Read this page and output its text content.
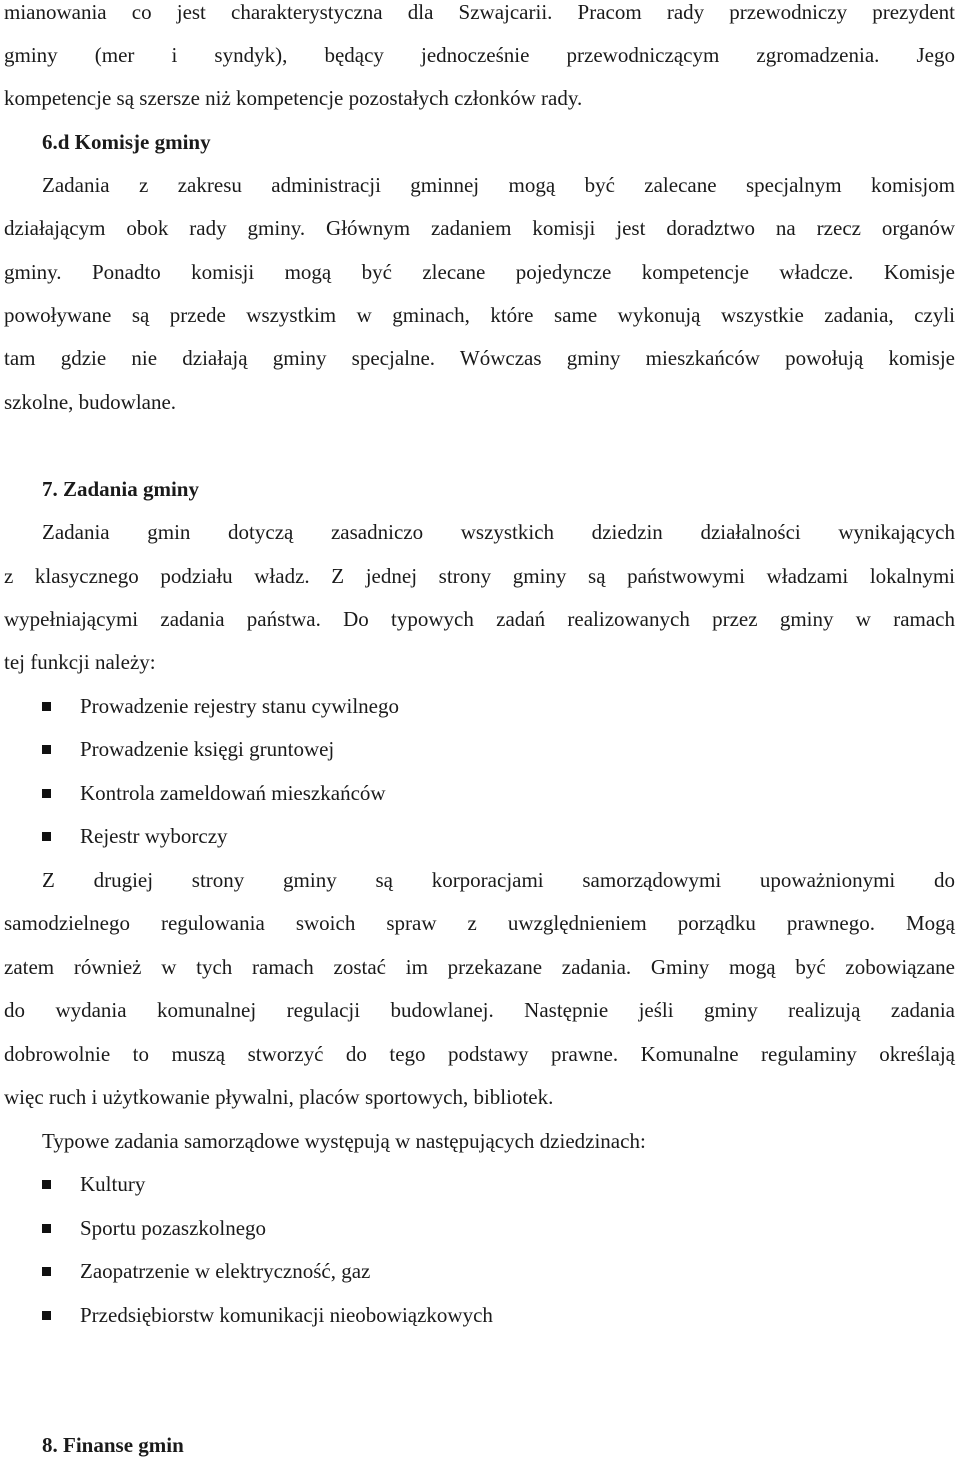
mianowania co jest charakterystyczna dla Szwajcarii. Pracom rady przewodniczy prezydent
gminy (mer i syndyk), będący jednocześnie przewodniczącym zgromadzenia. Jego
kompetencje są szersze niż kompetencje pozostałych członków rady.
6.d Komisje gminy
Zadania z zakresu administracji gminnej mogą być zalecane specjalnym komisjom
działającym obok rady gminy. Głównym zadaniem komisji jest doradztwo na rzecz organów
gminy. Ponadto komisji mogą być zlecane pojedyncze kompetencje władcze. Komisje
powoływane są przede wszystkim w gminach, które same wykonują wszystkie zadania, czyli
tam gdzie nie działają gminy specjalne. Wówczas gminy mieszkańców powołują komisje
szkolne, budowlane.
7. Zadania gminy
Zadania gmin dotyczą zasadniczo wszystkich dziedzin działalności wynikających
z klasycznego podziału władz. Z jednej strony gminy są państwowymi władzami lokalnymi
wypełniającymi zadania państwa. Do typowych zadań realizowanych przez gminy w ramach
tej funkcji należy:
Prowadzenie rejestry stanu cywilnego
Prowadzenie księgi gruntowej
Kontrola zameldowań mieszkańców
Rejestr wyborczy
Z drugiej strony gminy są korporacjami samorządowymi upoważnionymi do
samodzielnego regulowania swoich spraw z uwzględnieniem porządku prawnego. Mogą
zatem również w tych ramach zostać im przekazane zadania. Gminy mogą być zobowiązane
do wydania komunalnej regulacji budowlanej. Następnie jeśli gminy realizują zadania
dobrowolnie to muszą stworzyć do tego podstawy prawne. Komunalne regulaminy określają
więc ruch i użytkowanie pływalni, placów sportowych, bibliotek.
Typowe zadania samorządowe występują w następujących dziedzinach:
Kultury
Sportu pozaszkolnego
Zaopatrzenie w elektryczność, gaz
Przedsiębiorstw komunikacji nieobowiązkowych
8. Finanse gmin
